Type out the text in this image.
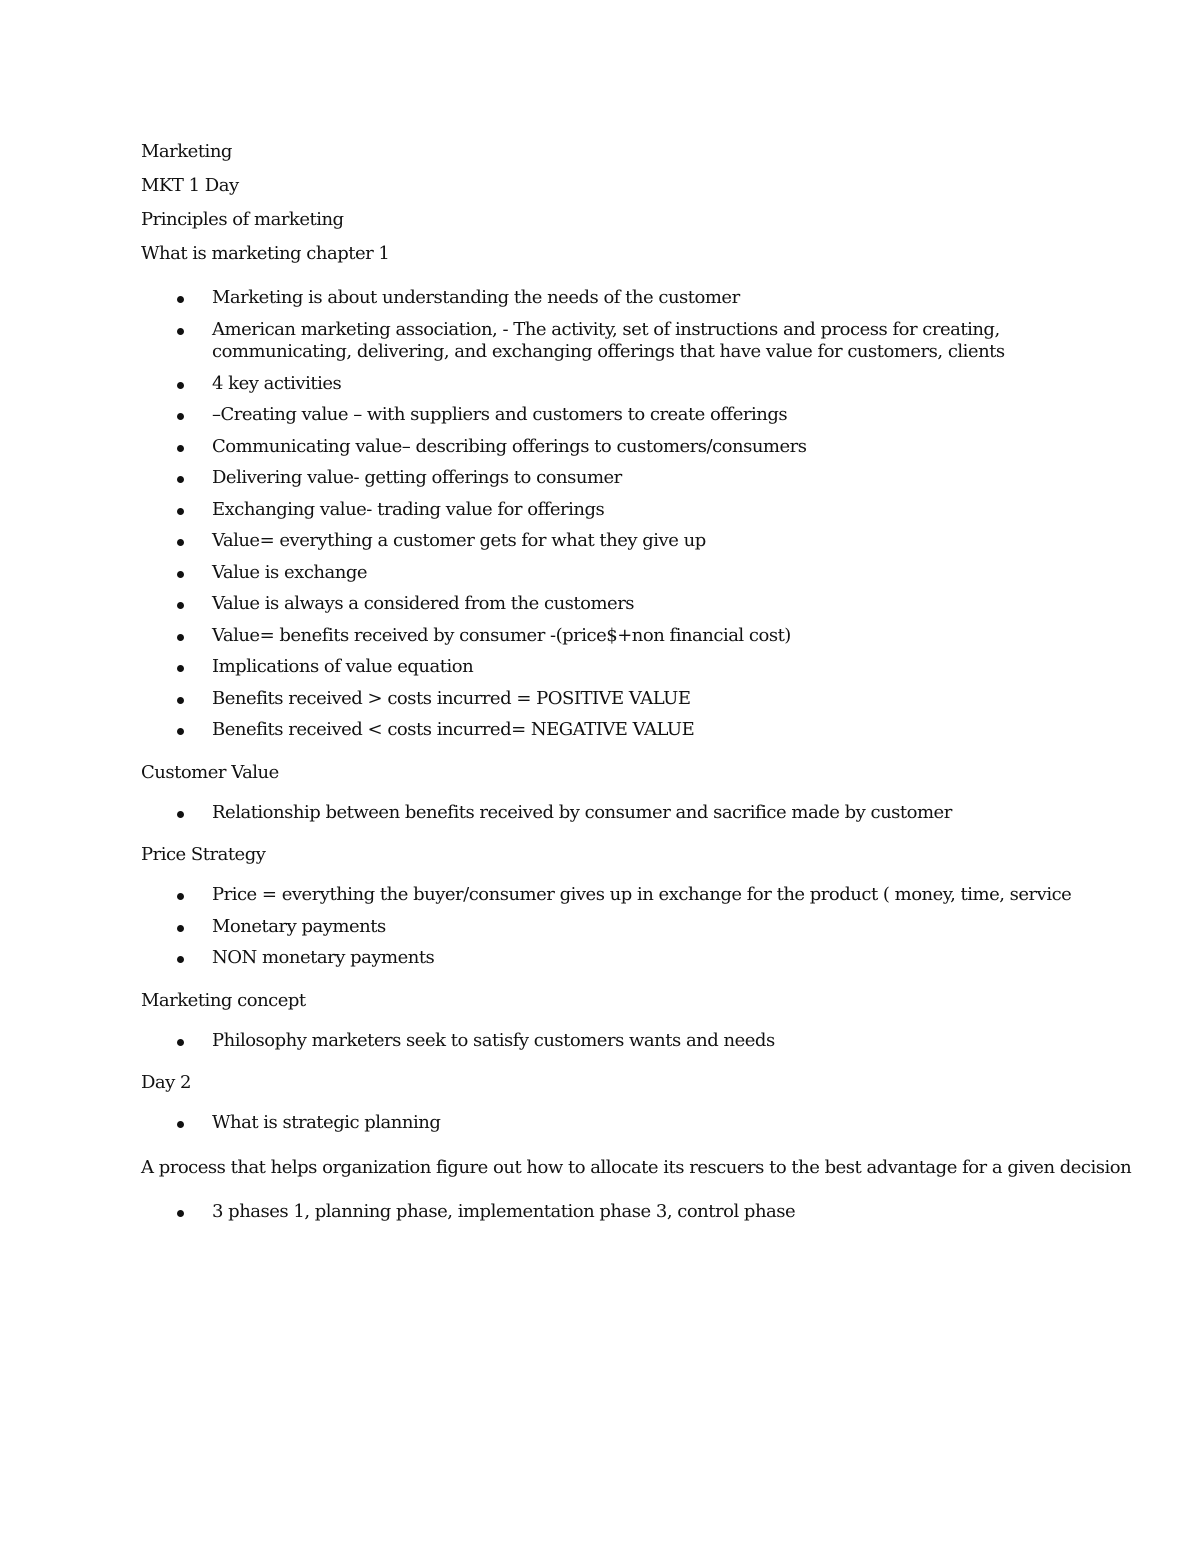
Marketing

MKT 1 Day

Principles of marketing

What is marketing chapter 1

Marketing is about understanding the needs of the customer
American marketing association, - The activity, set of instructions and process for creating, communicating, delivering, and exchanging offerings that have value for customers, clients
4 key activities
–Creating value – with suppliers and customers to create offerings
Communicating value– describing offerings to customers/consumers
Delivering value- getting offerings to consumer
Exchanging value- trading value for offerings
Value= everything a customer gets for what they give up
Value is exchange
Value is always a considered from the customers
Value= benefits received by consumer -(price$+non financial cost)
Implications of value equation
Benefits received > costs incurred = POSITIVE VALUE
Benefits received < costs incurred= NEGATIVE VALUE

Customer Value

Relationship between benefits received by consumer and sacrifice made by customer

Price Strategy

Price = everything the buyer/consumer gives up in exchange for the product ( money, time, service
Monetary payments
NON monetary payments

Marketing concept

Philosophy marketers seek to satisfy customers wants and needs

Day 2

What is strategic planning

A process that helps organization figure out how to allocate its rescuers to the best advantage for a given decision

3 phases 1, planning phase, implementation phase 3, control phase
